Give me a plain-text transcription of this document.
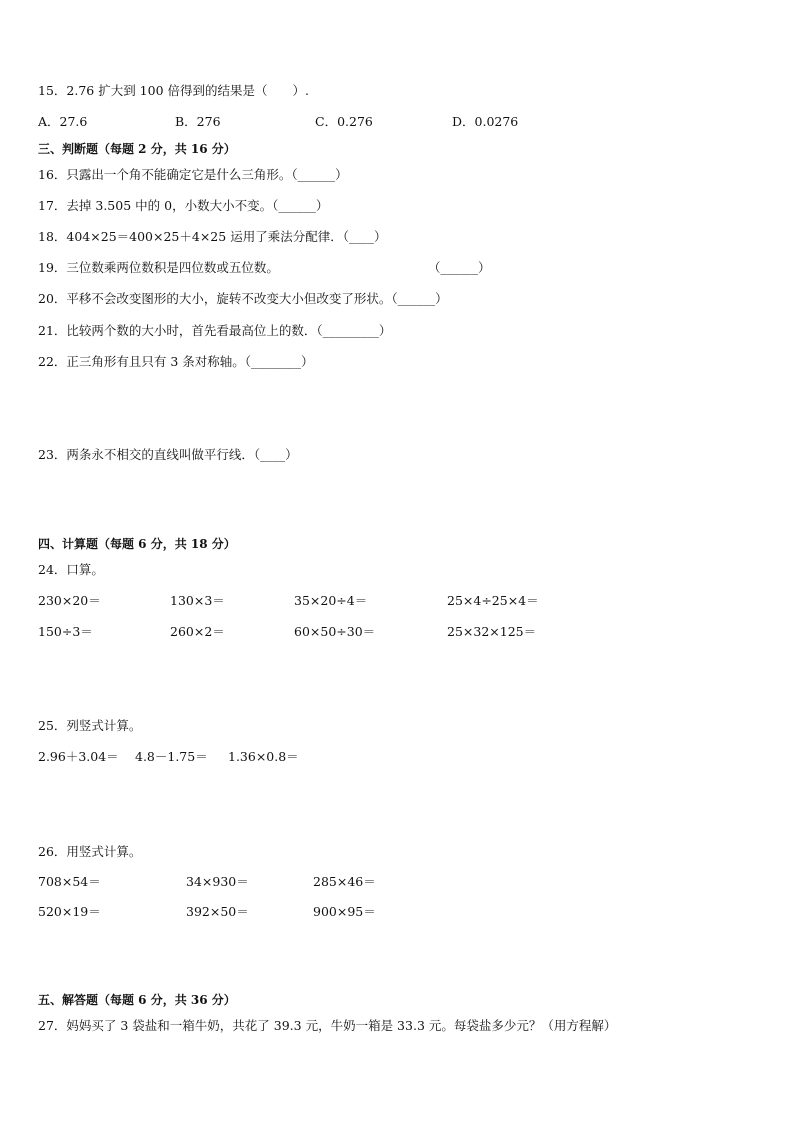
15．2.76 扩大到 100 倍得到的结果是（　　）.
A．27.6	B．276	C．0.276	D．0.0276
三、判断题（每题 2 分，共 16 分）
16．只露出一个角不能确定它是什么三角形。（______）
17．去掉 3.505 中的 0，小数大小不变。（______）
18．404×25＝400×25＋4×25 运用了乘法分配律．（____）
19．三位数乘两位数积是四位数或五位数。	（______）
20．平移不会改变图形的大小，旋转不改变大小但改变了形状。（______）
21．比较两个数的大小时，首先看最高位上的数．（_________）
22．正三角形有且只有 3 条对称轴。（________）
23．两条永不相交的直线叫做平行线．（____）
四、计算题（每题 6 分，共 18 分）
24．口算。
230×20＝	130×3＝	35×20÷4＝	25×4÷25×4＝
150÷3＝	260×2＝	60×50÷30＝	25×32×125＝
25．列竖式计算。
2.96＋3.04＝ 4.8－1.75＝ 1.36×0.8＝
26．用竖式计算。
708×54＝	34×930＝	285×46＝
520×19＝	392×50＝	900×95＝
五、解答题（每题 6 分，共 36 分）
27．妈妈买了 3 袋盐和一箱牛奶，共花了 39.3 元，牛奶一箱是 33.3 元。每袋盐多少元？（用方程解）
